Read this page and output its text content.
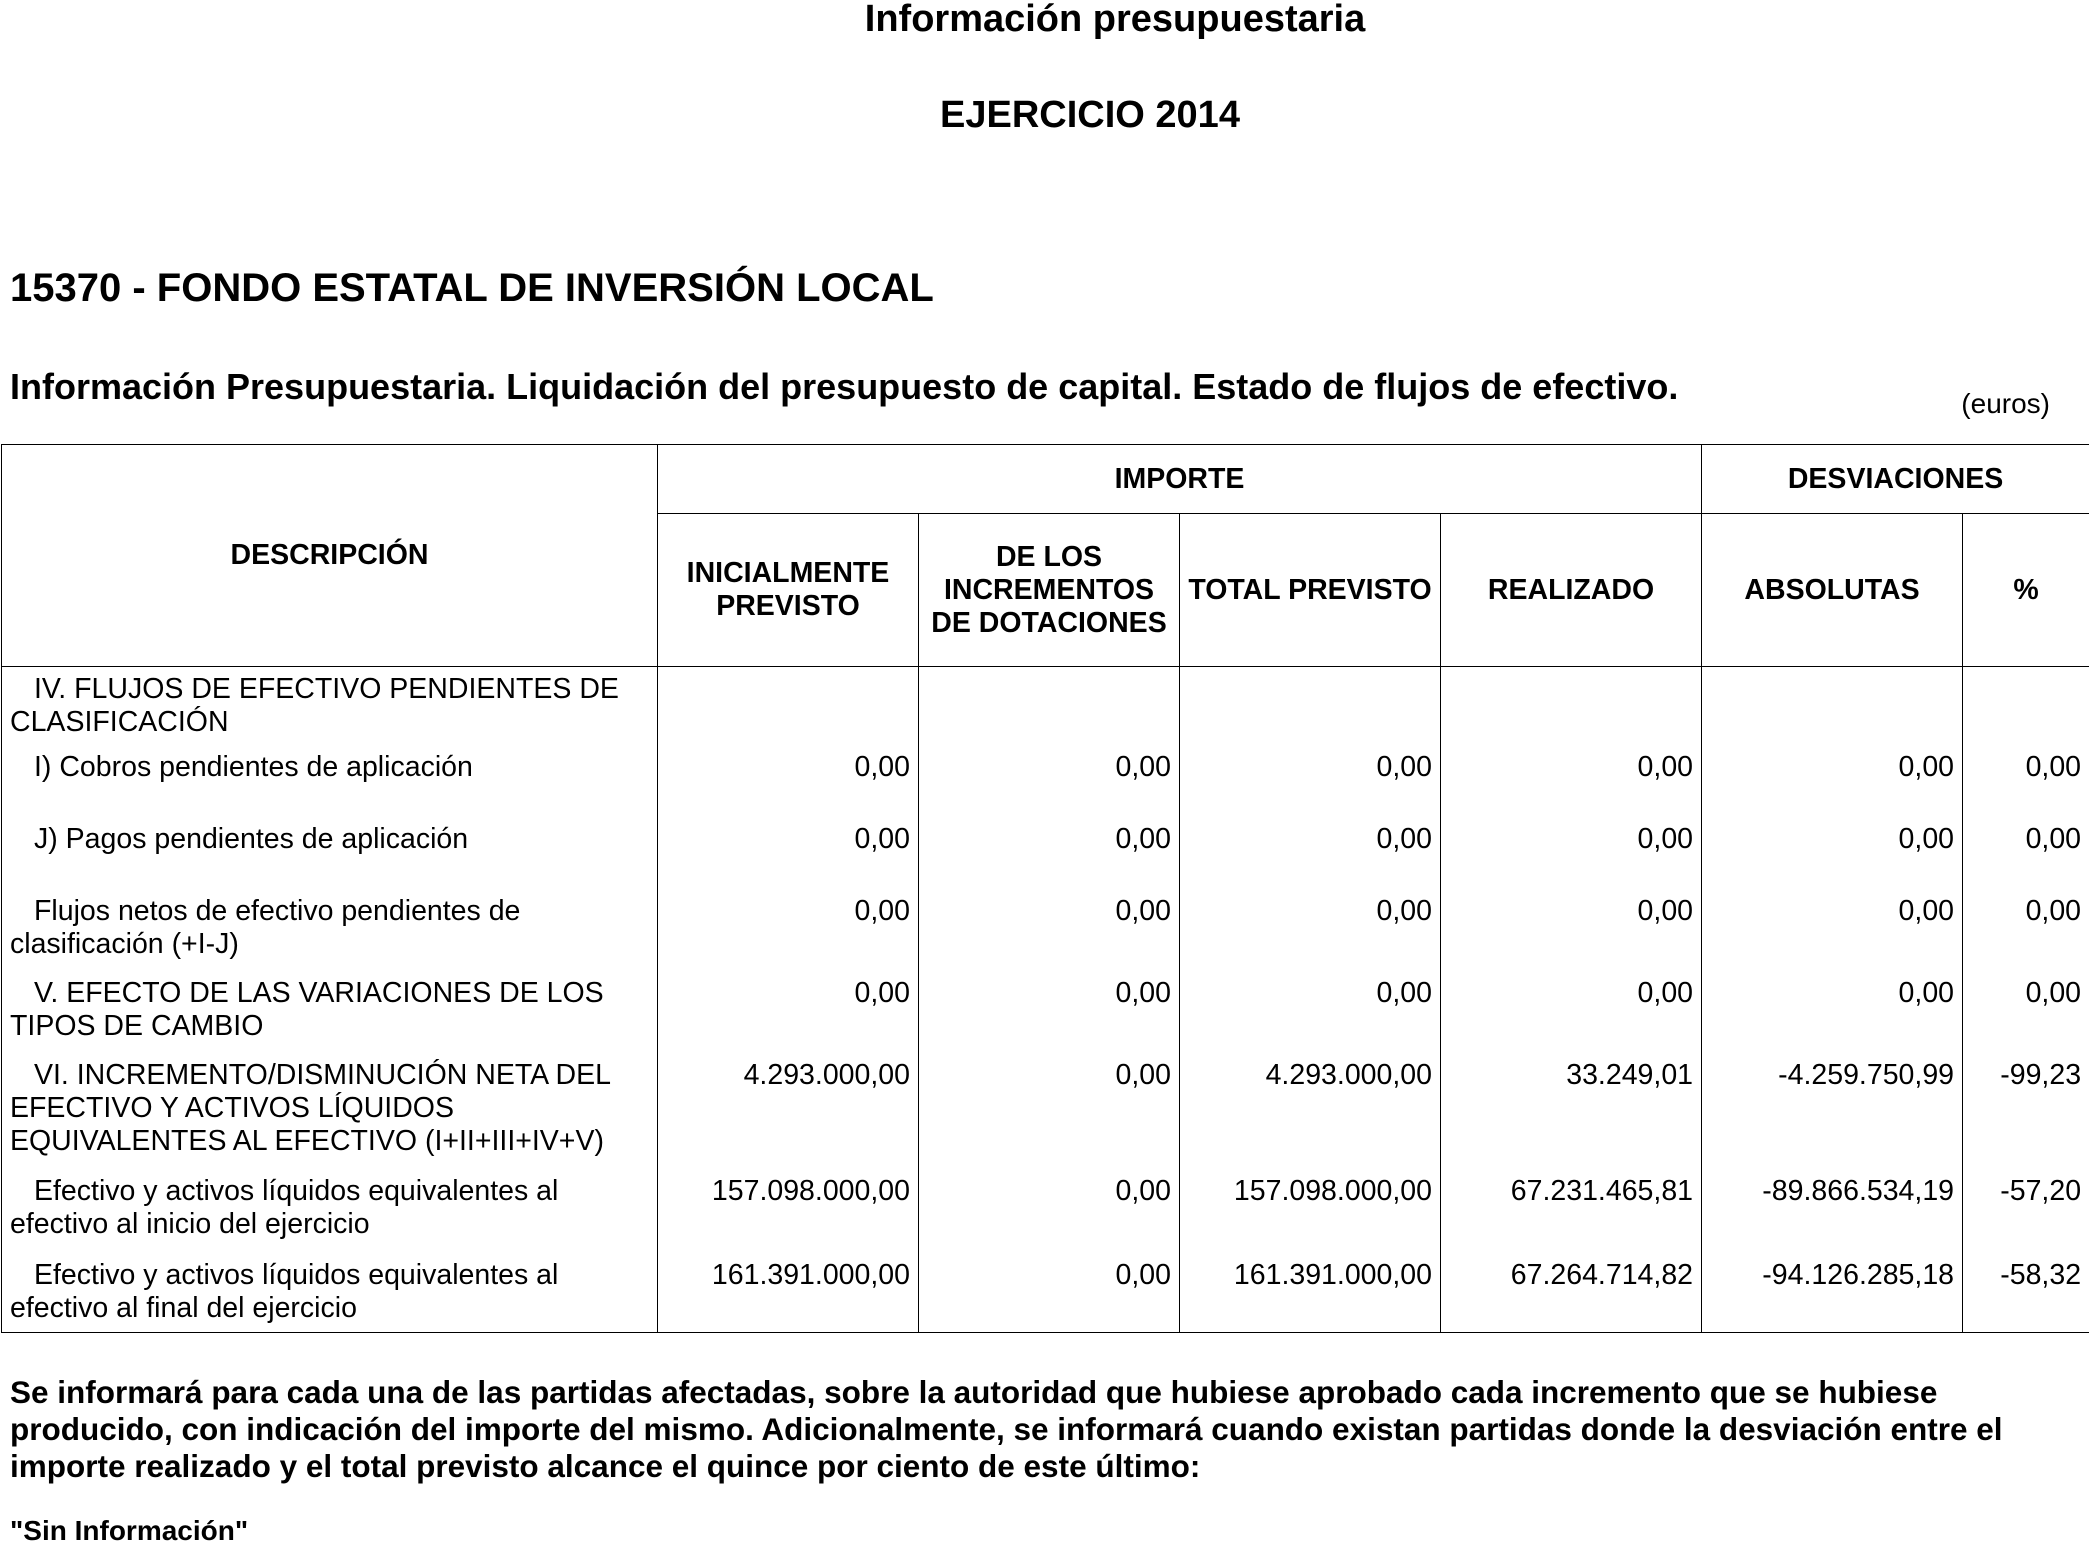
Información presupuestaria
EJERCICIO 2014
15370 - FONDO ESTATAL DE INVERSIÓN LOCAL
Información Presupuestaria. Liquidación del presupuesto de capital. Estado de flujos de efectivo.	(euros)
DESCRIPCIÓN	IMPORTE				DESVIACIONES	
	INICIALMENTE PREVISTO	DE LOS INCREMENTOS DE DOTACIONES	TOTAL PREVISTO	REALIZADO	ABSOLUTAS	%
IV. FLUJOS DE EFECTIVO PENDIENTES DE CLASIFICACIÓN						
I) Cobros pendientes de aplicación	0,00	0,00	0,00	0,00	0,00	0,00
J) Pagos pendientes de aplicación	0,00	0,00	0,00	0,00	0,00	0,00
Flujos netos de efectivo pendientes de clasificación (+I-J)	0,00	0,00	0,00	0,00	0,00	0,00
V. EFECTO DE LAS VARIACIONES DE LOS TIPOS DE CAMBIO	0,00	0,00	0,00	0,00	0,00	0,00
VI. INCREMENTO/DISMINUCIÓN NETA DEL EFECTIVO Y ACTIVOS LÍQUIDOS EQUIVALENTES AL EFECTIVO (I+II+III+IV+V)	4.293.000,00	0,00	4.293.000,00	33.249,01	-4.259.750,99	-99,23
Efectivo y activos líquidos equivalentes al efectivo al inicio del ejercicio	157.098.000,00	0,00	157.098.000,00	67.231.465,81	-89.866.534,19	-57,20
Efectivo y activos líquidos equivalentes al efectivo al final del ejercicio	161.391.000,00	0,00	161.391.000,00	67.264.714,82	-94.126.285,18	-58,32
Se informará para cada una de las partidas afectadas, sobre la autoridad que hubiese aprobado cada incremento que se hubiese producido, con indicación del importe del mismo. Adicionalmente, se informará cuando existan partidas donde la desviación entre el importe realizado y el total previsto alcance el quince por ciento de este último:
"Sin Información"
